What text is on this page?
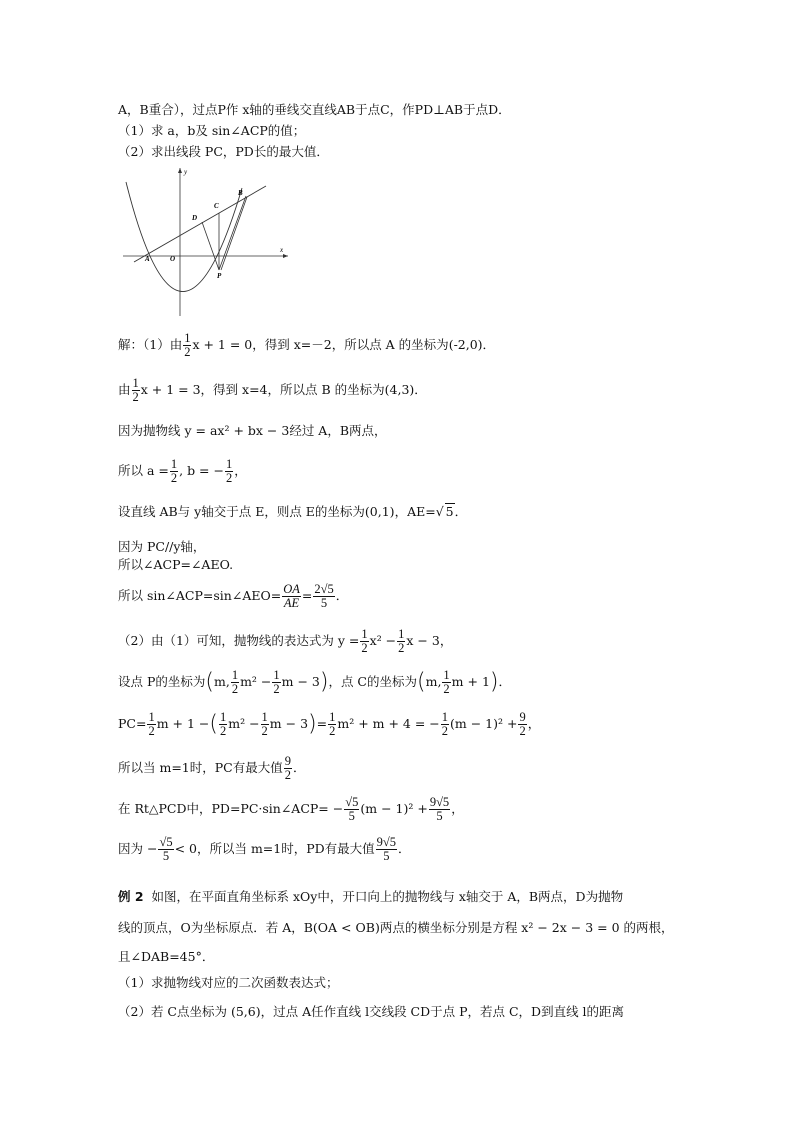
A，B重合），过点P作 x轴的垂线交直线AB于点C，作PD⊥AB于点D．
（1）求 a，b及 sin∠ACP的值；
（2）求出线段 PC，PD长的最大值．
y
x
A	O
B
C
D
P
解：（1）由 $\frac{1}{2}$ x + 1 = 0，得到 x=－2，所以点 A 的坐标为(-2,0)．
由 $\frac{1}{2}$ x + 1 = 3，得到 x=4，所以点 B 的坐标为(4,3)．
因为抛物线 y = ax² + bx − 3经过 A，B两点，
所以 $a = \frac{1}{2}$ , b = − $\frac{1}{2}$ ，
设直线 AB与 y轴交于点 E，则点 E的坐标为(0,1)，AE=√ 5．
因为 PC//y轴，
所以∠ACP=∠AEO.
所以 sin∠ACP=sin∠AEO= $\frac{OA}{AE} = \frac{2√5}{5}$ ．
（2）由（1）可知，抛物线的表达式为 $y = \frac{1}{2} x^2 - \frac{1}{2}$ x − 3，
设点 P的坐标为(m, $\frac{1}{2} m^2 - \frac{1}{2}$ m − 3)，点 C的坐标为(m, $\frac{1}{2}$ m + 1)．
$PC= \frac{1}{2}$ m + 1 −( $\frac{1}{2} m^2 - \frac{1}{2}$ $m - 3)= \frac{1}{2} m^2 + m + 4$ = − $\frac{1}{2} (m - 1)^2 + \frac{9}{2}$ ，
所以当 m=1时，PC有最大值 $\frac{9}{2}$ ．
在 Rt△PCD中，PD=PC·sin∠ACP= − $\frac{√5}{5} (m - 1)^2 + \frac{9√5}{5}$ ，
因为 − $\frac{√5}{5} < 0$，所以当 m=1时，PD有最大值 $\frac{9√5}{5}$ ．
例 2 如图，在平面直角坐标系 xOy中，开口向上的抛物线与 x轴交于 A，B两点，D为抛物
线的顶点，O为坐标原点．若 A，B(OA < OB)两点的横坐标分别是方程 x² − 2x − 3 = 0 的两根，
且∠DAB=45°．
（1）求抛物线对应的二次函数表达式；
（2）若 C点坐标为 (5,6)，过点 A任作直线 l交线段 CD于点 P，若点 C，D到直线 l的距离
